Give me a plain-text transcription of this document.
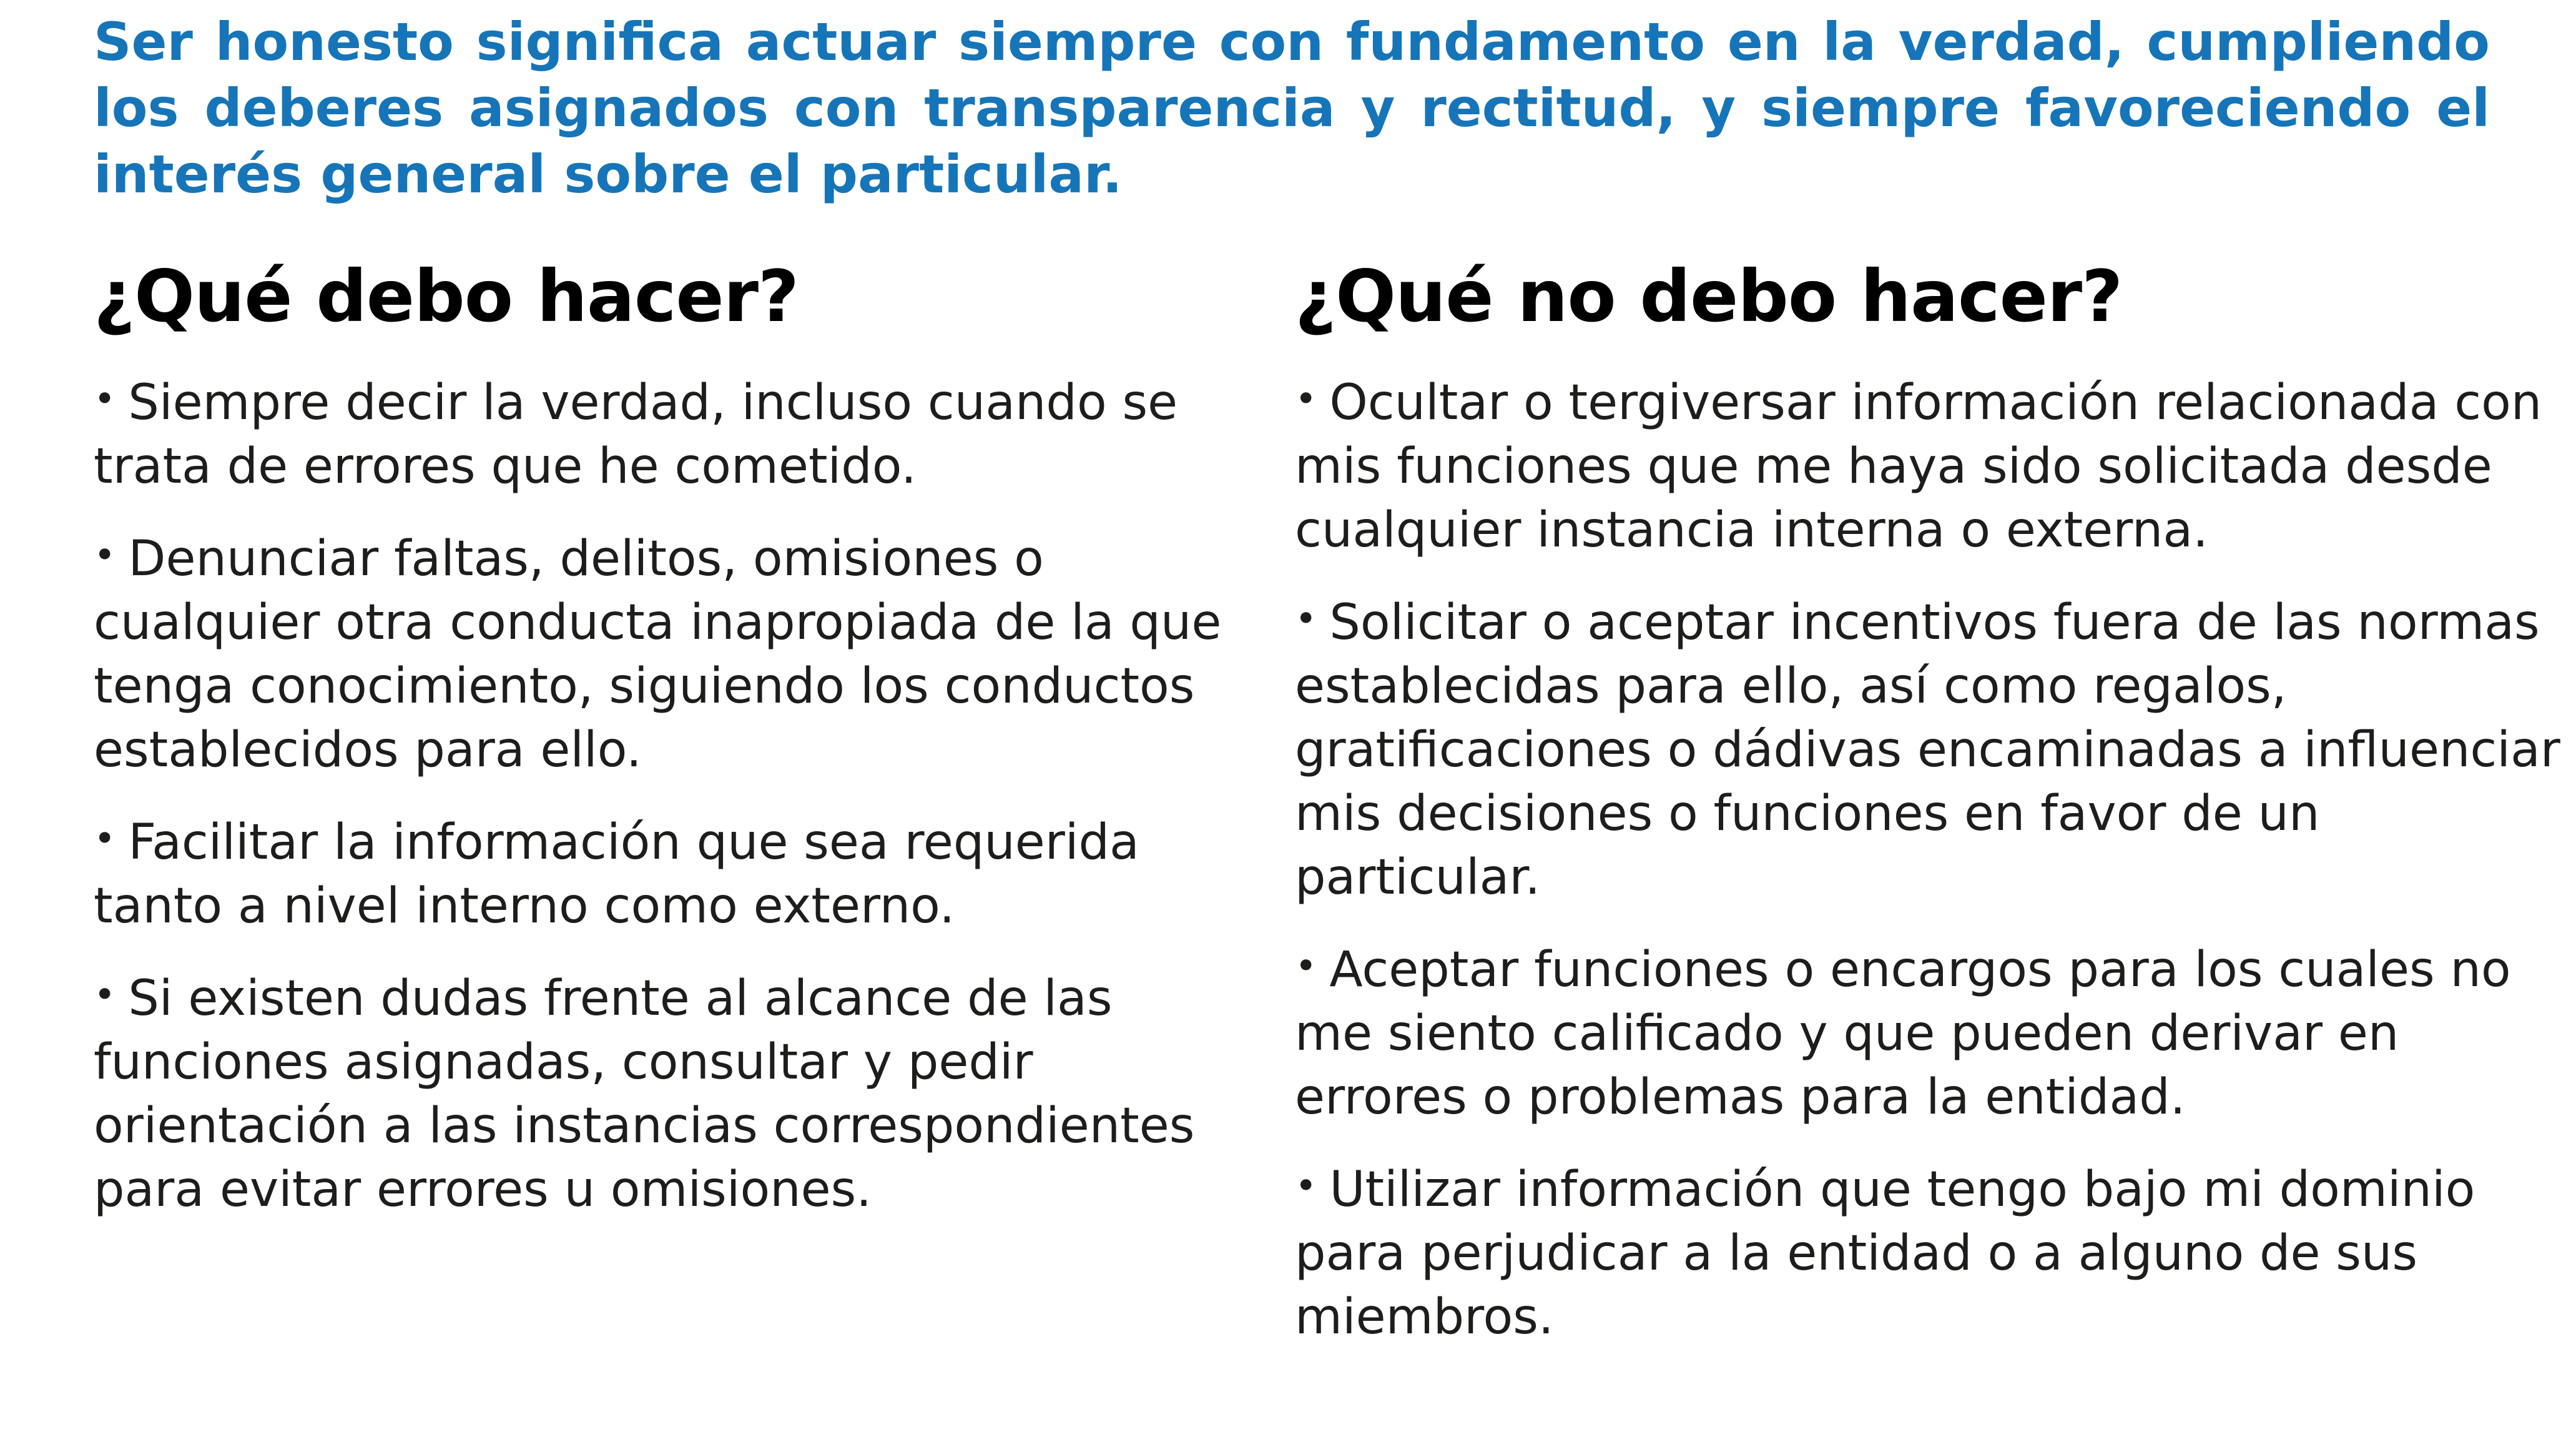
Ser honesto significa actuar siempre con fundamento en la verdad, cumpliendo los deberes asignados con transparencia y rectitud, y siempre favoreciendo el interés general sobre el particular.

¿Qué debo hacer?
• Siempre decir la verdad, incluso cuando se trata de errores que he cometido.
• Denunciar faltas, delitos, omisiones o cualquier otra conducta inapropiada de la que tenga conocimiento, siguiendo los conductos establecidos para ello.
• Facilitar la información que sea requerida tanto a nivel interno como externo.
• Si existen dudas frente al alcance de las funciones asignadas, consultar y pedir orientación a las instancias correspondientes para evitar errores u omisiones.
¿Qué no debo hacer?
• Ocultar o tergiversar información relacionada con mis funciones que me haya sido solicitada desde cualquier instancia interna o externa.
• Solicitar o aceptar incentivos fuera de las normas establecidas para ello, así como regalos, gratificaciones o dádivas encaminadas a influenciar mis decisiones o funciones en favor de un particular.
• Aceptar funciones o encargos para los cuales no me siento calificado y que pueden derivar en errores o problemas para la entidad.
• Utilizar información que tengo bajo mi dominio para perjudicar a la entidad o a alguno de sus miembros.
